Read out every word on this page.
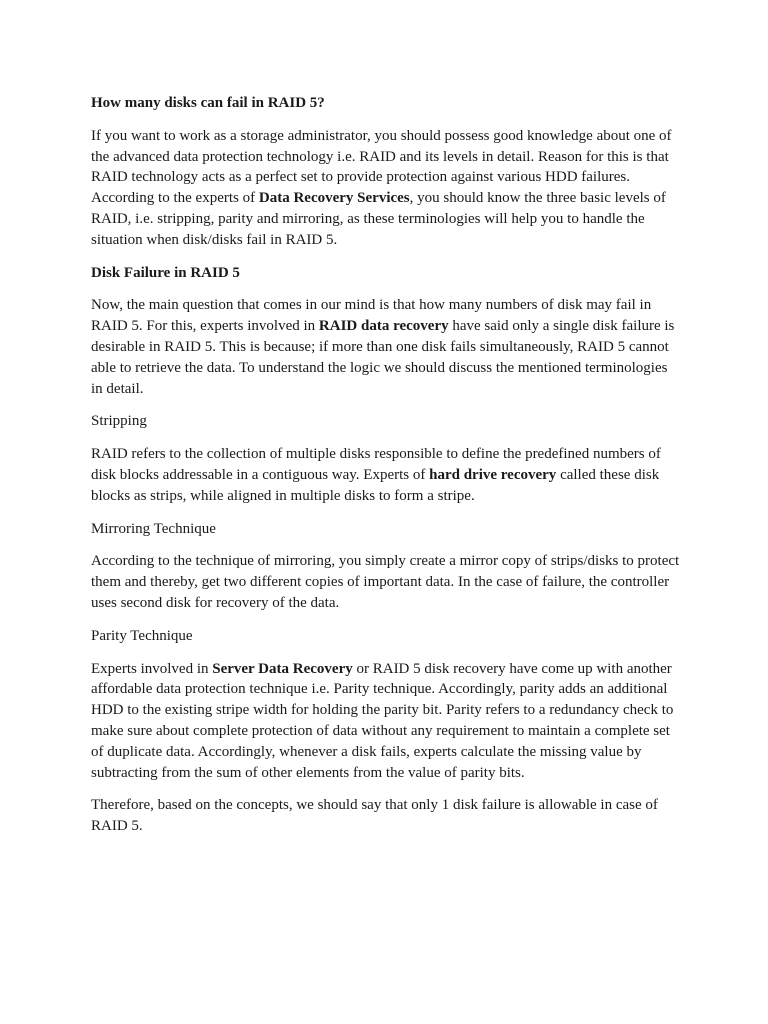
How many disks can fail in RAID 5?

If you want to work as a storage administrator, you should possess good knowledge about one of the advanced data protection technology i.e. RAID and its levels in detail. Reason for this is that RAID technology acts as a perfect set to provide protection against various HDD failures. According to the experts of Data Recovery Services, you should know the three basic levels of RAID, i.e. stripping, parity and mirroring, as these terminologies will help you to handle the situation when disk/disks fail in RAID 5.

Disk Failure in RAID 5

Now, the main question that comes in our mind is that how many numbers of disk may fail in RAID 5. For this, experts involved in RAID data recovery have said only a single disk failure is desirable in RAID 5. This is because; if more than one disk fails simultaneously, RAID 5 cannot able to retrieve the data. To understand the logic we should discuss the mentioned terminologies in detail.

Stripping

RAID refers to the collection of multiple disks responsible to define the predefined numbers of disk blocks addressable in a contiguous way. Experts of hard drive recovery called these disk blocks as strips, while aligned in multiple disks to form a stripe.

Mirroring Technique

According to the technique of mirroring, you simply create a mirror copy of strips/disks to protect them and thereby, get two different copies of important data. In the case of failure, the controller uses second disk for recovery of the data.

Parity Technique

Experts involved in Server Data Recovery or RAID 5 disk recovery have come up with another affordable data protection technique i.e. Parity technique. Accordingly, parity adds an additional HDD to the existing stripe width for holding the parity bit. Parity refers to a redundancy check to make sure about complete protection of data without any requirement to maintain a complete set of duplicate data. Accordingly, whenever a disk fails, experts calculate the missing value by subtracting from the sum of other elements from the value of parity bits.

Therefore, based on the concepts, we should say that only 1 disk failure is allowable in case of RAID 5.
